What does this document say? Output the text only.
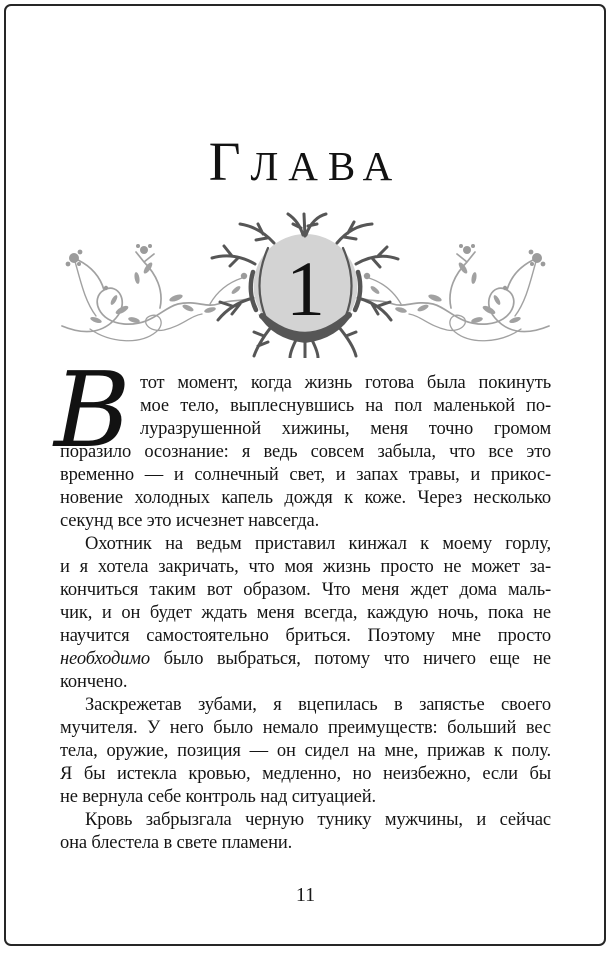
ГЛАВА
1
В тот момент, когда жизнь готова была покинуть
мое тело, выплеснувшись на пол маленькой по-
луразрушенной хижины, меня точно громом
поразило осознание: я ведь совсем забыла, что все это
временно — и солнечный свет, и запах травы, и прикос-
новение холодных капель дождя к коже. Через несколько
секунд все это исчезнет навсегда.
Охотник на ведьм приставил кинжал к моему горлу,
и я хотела закричать, что моя жизнь просто не может за-
кончиться таким вот образом. Что меня ждет дома маль-
чик, и он будет ждать меня всегда, каждую ночь, пока не
научится самостоятельно бриться. Поэтому мне просто
необходимо было выбраться, потому что ничего еще не
кончено.
Заскрежетав зубами, я вцепилась в запястье своего
мучителя. У него было немало преимуществ: больший вес
тела, оружие, позиция — он сидел на мне, прижав к полу.
Я бы истекла кровью, медленно, но неизбежно, если бы
не вернула себе контроль над ситуацией.
Кровь забрызгала черную тунику мужчины, и сейчас
она блестела в свете пламени.
11
